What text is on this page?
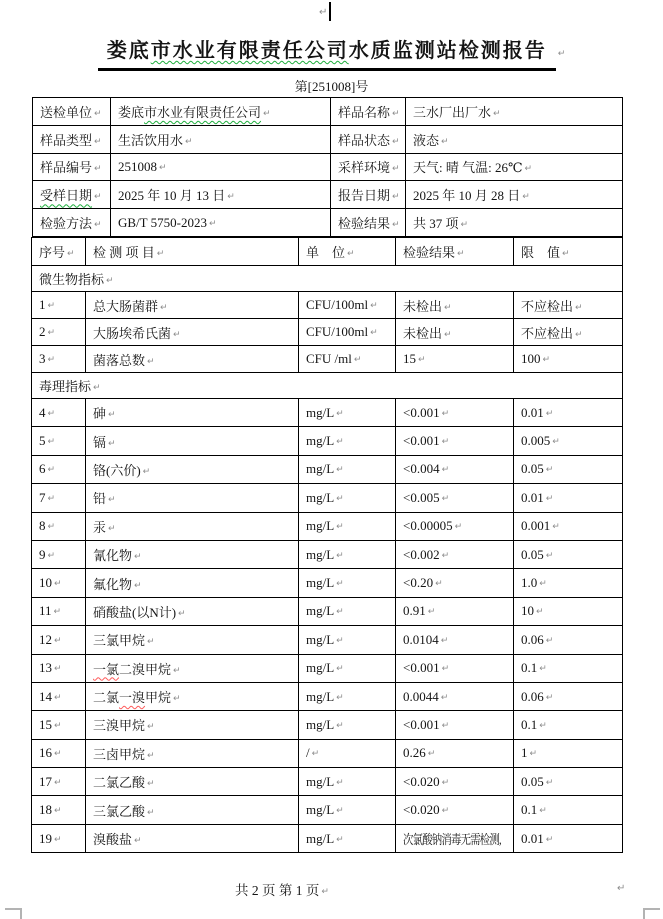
↵
娄底市水业有限责任公司水质监测站检测报告 ↵
第[251008]号
送检单位 ↵	娄底市水业有限责任公司 ↵	样品名称 ↵	三水厂出厂水 ↵

样品类型 ↵	生活饮用水 ↵	样品状态 ↵	液态 ↵

样品编号 ↵	251008 ↵	采样环境 ↵	天气: 晴 气温: 26℃ ↵

受样日期 ↵	2025 年 10 月 13 日 ↵	报告日期 ↵	2025 年 10 月 28 日 ↵

检验方法 ↵	GB/T 5750-2023 ↵	检验结果 ↵	共 37 项 ↵
序号 ↵	检 测 项 目 ↵	单　位 ↵	检验结果 ↵	限　值 ↵

微生物指标 ↵				

1 ↵	总大肠菌群 ↵	CFU/100ml ↵	未检出 ↵	不应检出 ↵

2 ↵	大肠埃希氏菌 ↵	CFU/100ml ↵	未检出 ↵	不应检出 ↵

3 ↵	菌落总数 ↵	CFU /ml ↵	15 ↵	100 ↵

毒理指标 ↵				

4 ↵	砷 ↵	mg/L ↵	<0.001 ↵	0.01 ↵

5 ↵	镉 ↵	mg/L ↵	<0.001 ↵	0.005 ↵

6 ↵	铬(六价) ↵	mg/L ↵	<0.004 ↵	0.05 ↵

7 ↵	铅 ↵	mg/L ↵	<0.005 ↵	0.01 ↵

8 ↵	汞 ↵	mg/L ↵	<0.00005 ↵	0.001 ↵

9 ↵	氰化物 ↵	mg/L ↵	<0.002 ↵	0.05 ↵

10 ↵	氟化物 ↵	mg/L ↵	<0.20 ↵	1.0 ↵

11 ↵	硝酸盐(以N计) ↵	mg/L ↵	0.91 ↵	10 ↵

12 ↵	三氯甲烷 ↵	mg/L ↵	0.0104 ↵	0.06 ↵

13 ↵	一氯二溴甲烷 ↵	mg/L ↵	<0.001 ↵	0.1 ↵

14 ↵	二氯一溴甲烷 ↵	mg/L ↵	0.0044 ↵	0.06 ↵

15 ↵	三溴甲烷 ↵	mg/L ↵	<0.001 ↵	0.1 ↵

16 ↵	三卤甲烷 ↵	/ ↵	0.26 ↵	1 ↵

17 ↵	二氯乙酸 ↵	mg/L ↵	<0.020 ↵	0.05 ↵

18 ↵	三氯乙酸 ↵	mg/L ↵	<0.020 ↵	0.1 ↵

19 ↵	溴酸盐 ↵	mg/L ↵	次氯酸钠消毒无需检测,	0.01 ↵
共 2 页 第 1 页 ↵	↵
